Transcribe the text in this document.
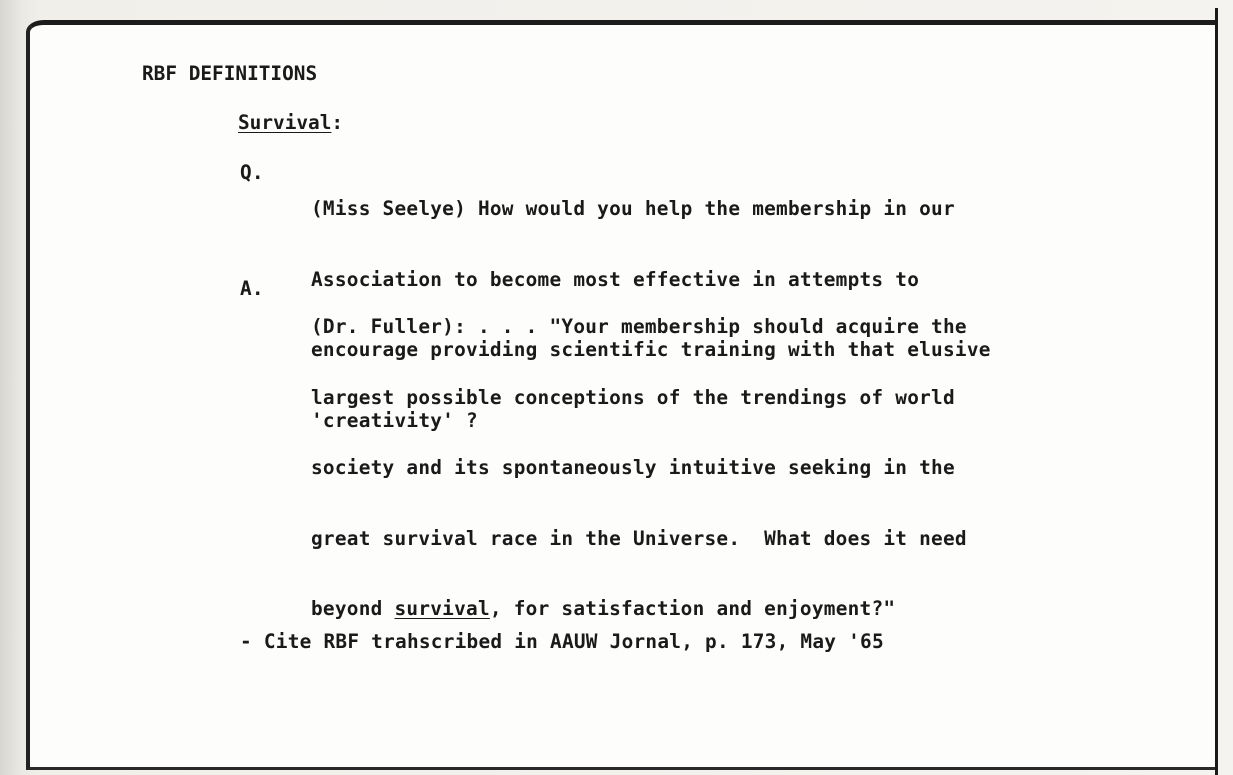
RBF DEFINITIONS
Survival:
Q.

(Miss Seelye) How would you help the membership in our

Association to become most effective in attempts to

encourage providing scientific training with that elusive

'creativity' ?

A.

(Dr. Fuller): . . . "Your membership should acquire the

largest possible conceptions of the trendings of world

society and its spontaneously intuitive seeking in the

great survival race in the Universe.  What does it need

beyond survival, for satisfaction and enjoyment?"

- Cite RBF trahscribed in AAUW Jornal, p. 173, May '65
